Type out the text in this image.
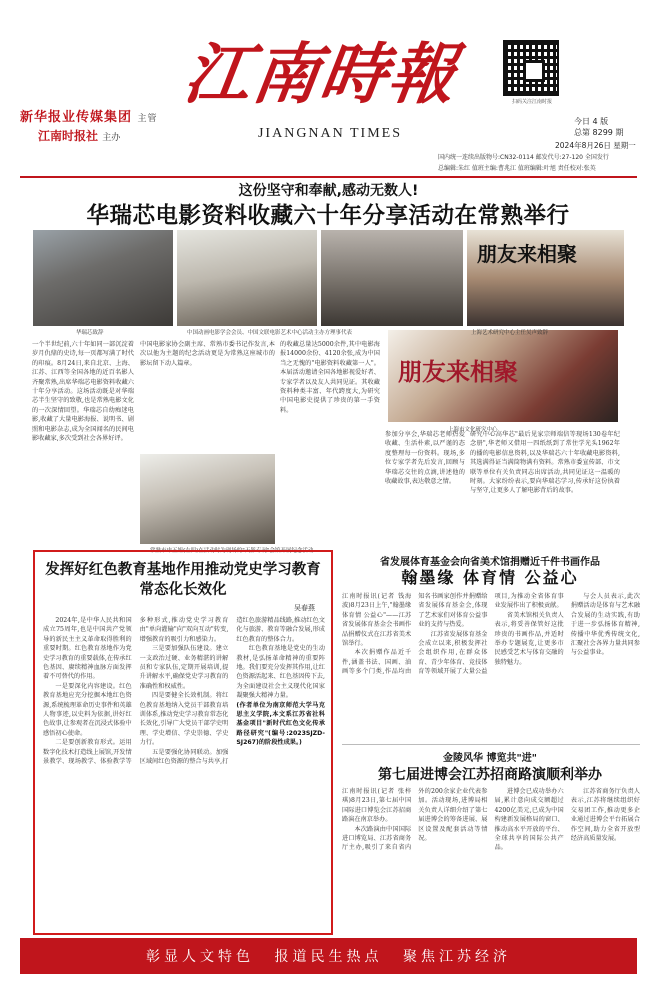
新华报业传媒集团 主管
江南时报社 主办
江南時報
JIANGNAN TIMES
扫码关注江南时报
今日 4 版
总第 8299 期
2024年8月26日 星期一
国内统一连续出版物号:CN32-0114 邮发代号:27-120 全国发行
总编辑:朱红 值班主编:曹兆江 值班编辑:叶旭 责任校对:张英
这份坚守和奉献,感动无数人!
华瑞芯电影资料收藏六十年分享活动在常熟举行
朋友来相聚
朋友来相聚
华瑞芯致辞	中国动画电影学会会员、中国文联电影艺术中心活动主办方理事代表	上海艺术研究中心主任吴声致辞
常熟市申五姐(左四)在活动时为现场的"天影专刊"会馆开展纪念活动
上海市文化研究中心
一个半世纪前,六十年如同一部沉淀着岁月仇鼎的史诗,每一页都写满了时代的印痕。8月24日,来自北京、上海、江苏、江西等全国各地的近百名影人齐聚常熟,出席华瑞芯电影资料收藏六十年分享活动。这场活动既是对华瑞芯半生坚守的致敬,也是常熟电影文化的一次深情回望。华瑞芯自幼痴迷电影,收藏了大量电影海报、说明书、剧照和电影杂志,成为全国闻名的民间电影收藏家,多次受到社会各界好评。
的收藏总量达5000余件,其中电影海报14000余份、4120余张,成为中国当之无愧的"电影资料收藏第一人"。本届活动邀请全国各地影视爱好者、专家学者以及友人共同见证。其收藏资料种类丰富、年代跨度大,为研究中国电影史提供了珍贵的第一手资料。
参加分享会,华瑞芯老师热爱收藏、生活朴素,以严谨的态度整理每一份资料。现场,多位专家学者先后发言,回顾与华瑞芯交往的点滴,讲述他的收藏故事,表达敬意之情。
中国电影家协会副主席、常熟市委书记作发言,本次以他为主题的纪念活动更是为常熟这座城市的影坛留下动人篇章。
研究中心高华芯"最后见家宗师端信等现场130卷年纪念册",华老师又借用一四纸纸到了常住学光头1962年的播的电影信息资料,以及华瑞芯六十年收藏电影资料,其选满得证当满筒物满有资料。常熟市委宣传部、市文联等单位有关负责同志出席活动,共同见证这一温暖的时刻。大家纷纷表示,要向华瑞芯学习,传承好这份执着与坚守,让更多人了解电影背后的故事。
发挥好红色教育基地作用推动党史学习教育常态化长效化
吴春燕

2024年,是中华人民共和国成立75周年,也是中国共产党领导的新民主主义革命取得胜利的重要时期。红色教育基地作为党史学习教育的重要载体,在传承红色基因、赓续精神血脉方面发挥着不可替代的作用。

一是要深化内容建设。红色教育基地应充分挖掘本地红色资源,系统梳理革命历史事件和英雄人物事迹,以史料为依据,讲好红色故事,让参观者在沉浸式体验中感悟初心使命。

二是要创新教育形式。运用数字化技术打造线上展馆,开发情景教学、现场教学、体验教学等多种形式,推动党史学习教育由"单向灌输"向"双向互动"转变,增强教育的吸引力和感染力。

三是要加强队伍建设。建立一支政治过硬、业务精湛的讲解员和专家队伍,定期开展培训,提升讲解水平,确保党史学习教育的准确性和权威性。

四是要健全长效机制。将红色教育基地纳入党员干部教育培训体系,推动党史学习教育常态化长效化,引导广大党员干部学史明理、学史增信、学史崇德、学史力行。

五是要强化协同联动。加强区域间红色资源的整合与共享,打造红色旅游精品线路,推动红色文化与旅游、教育等融合发展,形成红色教育的整体合力。

红色教育基地是党史的生动教材,是弘扬革命精神的重要阵地。我们要充分发挥其作用,让红色资源活起来、红色基因传下去,为全面建设社会主义现代化国家凝聚强大精神力量。

(作者单位为南京师范大学马克思主义学院,本文系江苏省社科基金项目"新时代红色文化传承路径研究"(编号:2023SJZD-SJ267)的阶段性成果。)

省发展体育基金会向省美术馆捐赠近千件书画作品
翰墨缘 体育情 公益心

江南时报讯(记者 钱海波)8月23日上午,"翰墨缘 体育情 公益心"——江苏省发展体育基金会书画作品捐赠仪式在江苏省美术馆举行。

本次捐赠作品近千件,涵盖书法、国画、油画等多个门类,作品均由知名书画家创作并捐赠给省发展体育基金会,体现了艺术家们对体育公益事业的支持与热爱。

江苏省发展体育基金会成立以来,积极发挥社会组织作用,在群众体育、青少年体育、竞技体育等领域开展了大量公益项目,为推动全省体育事业发展作出了积极贡献。

省美术馆相关负责人表示,将妥善保管好这批珍贵的书画作品,并适时举办专题展览,让更多市民感受艺术与体育交融的独特魅力。

与会人员表示,此次捐赠活动是体育与艺术融合发展的生动实践,有助于进一步弘扬体育精神,传播中华优秀传统文化,汇聚社会各界力量共同参与公益事业。

金陵风华 博览共"进"
第七届进博会江苏招商路演顺利举办

江南时报讯(记者 张梓琪)8月23日,第七届中国国际进口博览会江苏招商路演在南京举办。

本次路演由中国国际进口博览局、江苏省商务厅主办,吸引了来自省内外的200余家企业代表参加。活动现场,进博局相关负责人详细介绍了第七届进博会的筹备进展、展区设置及配套活动等情况。

进博会已成功举办六届,累计意向成交额超过4200亿美元,已成为中国构建新发展格局的窗口、推动高水平开放的平台、全球共享的国际公共产品。

江苏省商务厅负责人表示,江苏将继续组织好交易团工作,推动更多企业通过进博会平台拓展合作空间,助力全省开放型经济高质量发展。

彰显人文特色 报道民生热点 聚焦江苏经济
